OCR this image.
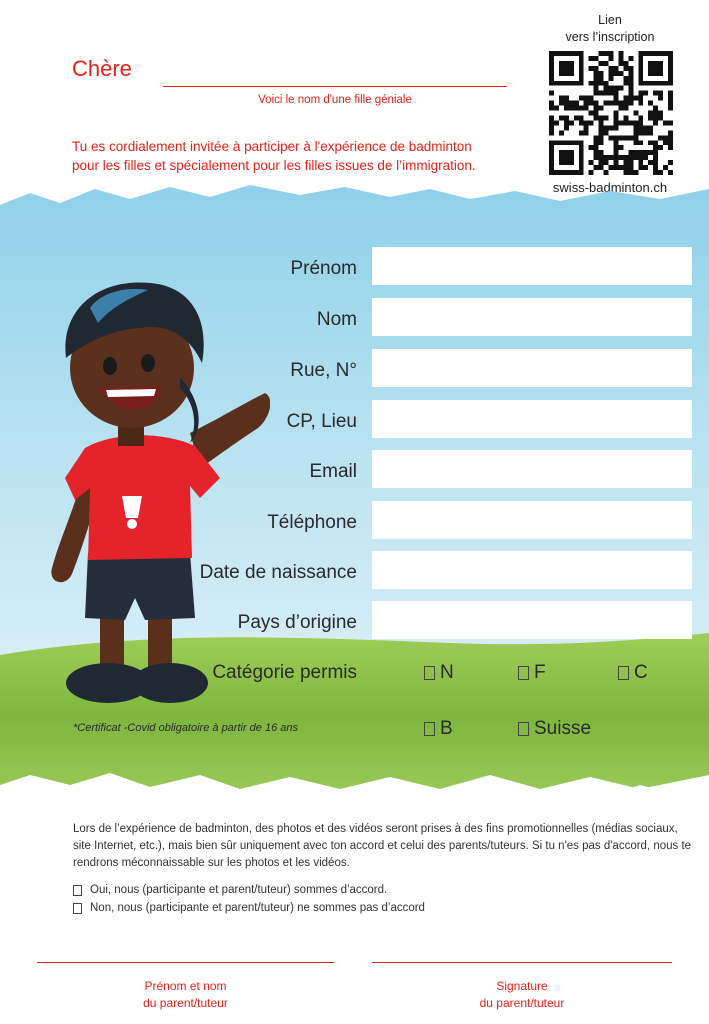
Chère
Voici le nom d'une fille géniale
Tu es cordialement invitée à participer à l'expérience de badminton
pour les filles et spécialement pour les filles issues de l’immigration.
Lien
vers l’inscription
swiss-badminton.ch
Prénom
Nom
Rue, N°
CP, Lieu
Email
Téléphone
Date de naissance
Pays d’origine
Catégorie permis	N	F	C
B	Suisse
*Certificat -Covid obligatoire à partir de 16 ans
Lors de l’expérience de badminton, des photos et des vidéos seront prises à des fins promotionnelles (médias sociaux, site Internet, etc.), mais bien sûr uniquement avec ton accord et celui des parents/tuteurs. Si tu n'es pas d'accord, nous te rendrons méconnaissable sur les photos et les vidéos.
Oui, nous (participante et parent/tuteur) sommes d’accord.
Non, nous (participante et parent/tuteur) ne sommes pas d’accord
Prénom et nom
du parent/tuteur
Signature
du parent/tuteur
